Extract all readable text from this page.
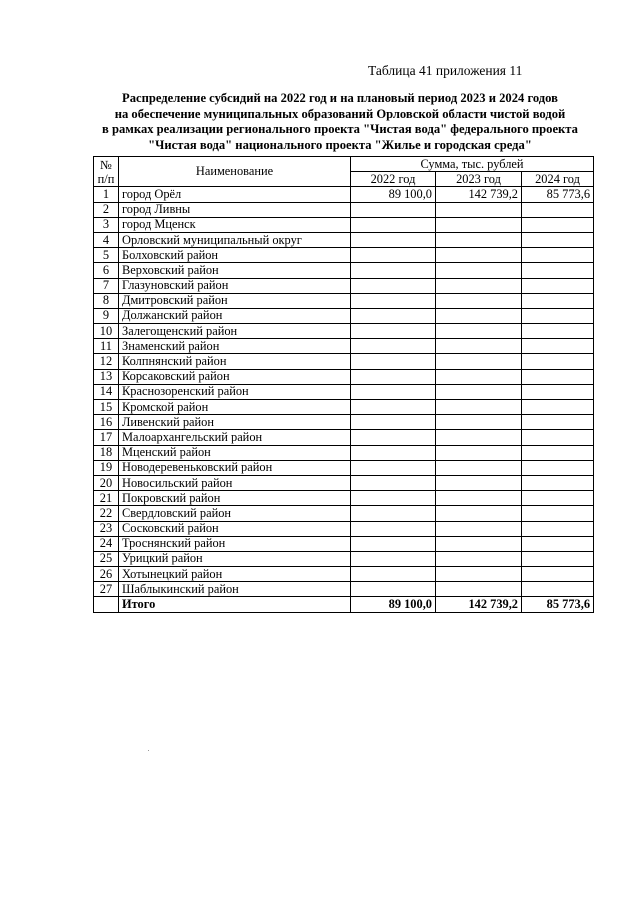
Таблица 41 приложения 11
Распределение субсидий на 2022 год и на плановый период 2023 и 2024 годов
на обеспечение муниципальных образований Орловской области чистой водой
в рамках реализации регионального проекта "Чистая вода" федерального проекта
"Чистая вода" национального проекта "Жилье и городская среда"
№ п/п	Наименование	Сумма, тыс. рублей		
		2022 год	2023 год	2024 год
1	город Орёл	89 100,0	142 739,2	85 773,6
2	город Ливны			
3	город Мценск			
4	Орловский муниципальный округ			
5	Болховский район			
6	Верховский район			
7	Глазуновский район			
8	Дмитровский район			
9	Должанский район			
10	Залегощенский район			
11	Знаменский район			
12	Колпнянский район			
13	Корсаковский район			
14	Краснозоренский район			
15	Кромской район			
16	Ливенский район			
17	Малоархангельский район			
18	Мценский район			
19	Новодеревеньковский район			
20	Новосильский район			
21	Покровский район			
22	Свердловский район			
23	Сосковский район			
24	Троснянский район			
25	Урицкий район			
26	Хотынецкий район			
27	Шаблыкинский район			
	Итого	89 100,0	142 739,2	85 773,6
